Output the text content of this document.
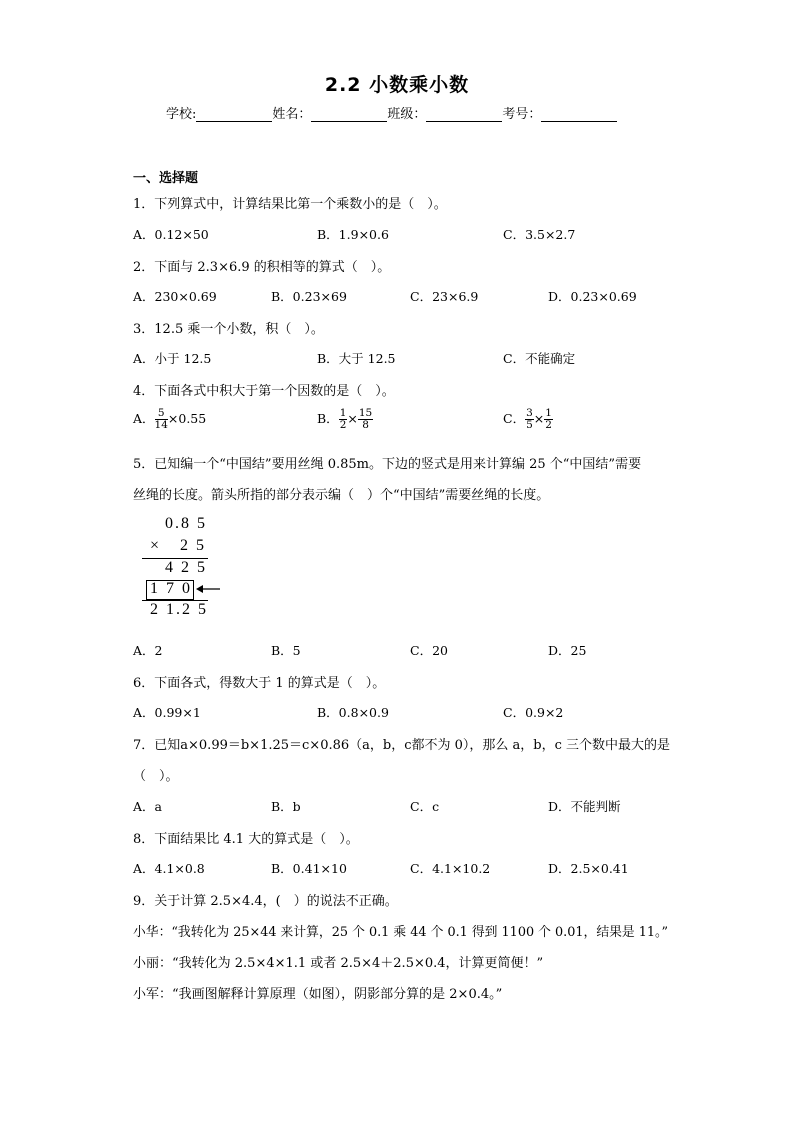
2.2 小数乘小数
学校:	姓名：	班级：	考号：
一、选择题
1．下列算式中，计算结果比第一个乘数小的是（　）。
A．0.12×50	B．1.9×0.6	C．3.5×2.7
2．下面与 2.3×6.9 的积相等的算式（　）。
A．230×0.69	B．0.23×69	C．23×6.9	D．0.23×0.69
3．12.5 乘一个小数，积（　）。
A．小于 12.5	B．大于 12.5	C．不能确定
4．下面各式中积大于第一个因数的是（　）。
A． $\frac{5}{14} \times 0.55$	B． $\frac{1}{2} \times \frac{15}{8}$	C． $\frac{3}{5} \times \frac{1}{2}$
5．已知编一个“中国结”要用丝绳 0.85m。下边的竖式是用来计算编 25 个“中国结”需要
丝绳的长度。箭头所指的部分表示编（　）个“中国结”需要丝绳的长度。
0.8 5
× 2 5
4 2 5
1 7 0
2 1.2 5
A．2	B．5	C．20	D．25
6．下面各式，得数大于 1 的算式是（　）。
A．0.99×1	B．0.8×0.9	C．0.9×2
7．已知a×0.99＝b×1.25＝c×0.86（a，b，c都不为 0），那么 a，b，c 三个数中最大的是
（　）。
A．a	B．b	C．c	D．不能判断
8．下面结果比 4.1 大的算式是（　）。
A．4.1×0.8	B．0.41×10	C．4.1×10.2	D．2.5×0.41
9．关于计算 2.5×4.4，(　）的说法不正确。
小华：“我转化为 25×44 来计算，25 个 0.1 乘 44 个 0.1 得到 1100 个 0.01，结果是 11。”
小丽：“我转化为 2.5×4×1.1 或者 2.5×4＋2.5×0.4，计算更简便！”
小军：“我画图解释计算原理（如图），阴影部分算的是 2×0.4。”
